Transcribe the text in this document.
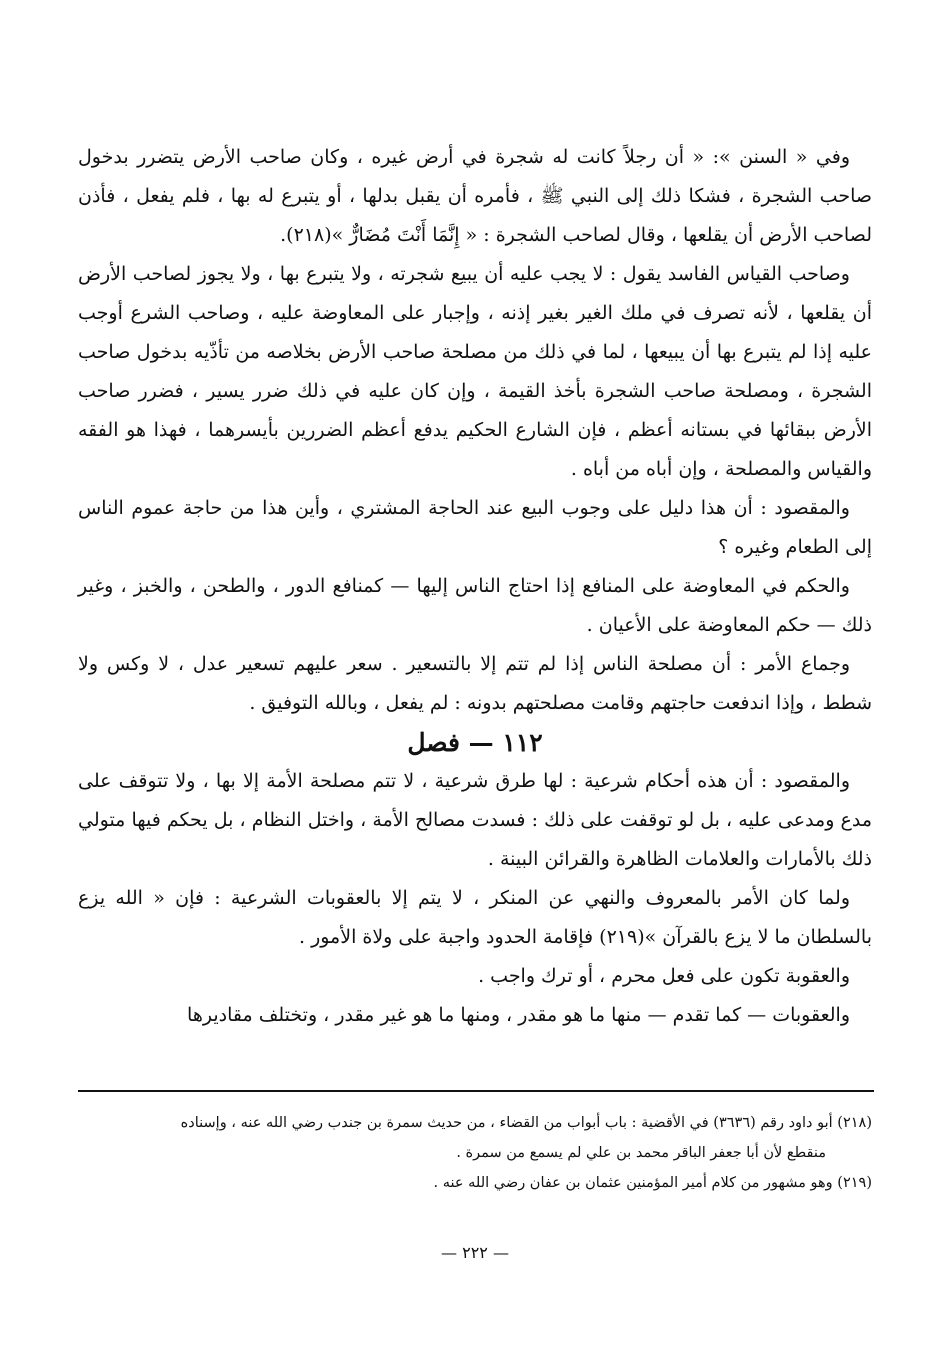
وفي « السنن »: « أن رجلاً كانت له شجرة في أرض غيره ، وكان صاحب الأرض يتضرر بدخول صاحب الشجرة ، فشكا ذلك إلى النبي ﷺ ، فأمره أن يقبل بدلها ، أو يتبرع له بها ، فلم يفعل ، فأذن لصاحب الأرض أن يقلعها ، وقال لصاحب الشجرة : « إِنَّمَا أَنْتَ مُضَارٌّ »(٢١٨).

وصاحب القياس الفاسد يقول : لا يجب عليه أن يبيع شجرته ، ولا يتبرع بها ، ولا يجوز لصاحب الأرض أن يقلعها ، لأنه تصرف في ملك الغير بغير إذنه ، وإجبار على المعاوضة عليه ، وصاحب الشرع أوجب عليه إذا لم يتبرع بها أن يبيعها ، لما في ذلك من مصلحة صاحب الأرض بخلاصه من تأذّيه بدخول صاحب الشجرة ، ومصلحة صاحب الشجرة بأخذ القيمة ، وإن كان عليه في ذلك ضرر يسير ، فضرر صاحب الأرض ببقائها في بستانه أعظم ، فإن الشارع الحكيم يدفع أعظم الضررين بأيسرهما ، فهذا هو الفقه والقياس والمصلحة ، وإن أباه من أباه .

والمقصود : أن هذا دليل على وجوب البيع عند الحاجة المشتري ، وأين هذا من حاجة عموم الناس إلى الطعام وغيره ؟

والحكم في المعاوضة على المنافع إذا احتاج الناس إليها — كمنافع الدور ، والطحن ، والخبز ، وغير ذلك — حكم المعاوضة على الأعيان .

وجماع الأمر : أن مصلحة الناس إذا لم تتم إلا بالتسعير . سعر عليهم تسعير عدل ، لا وكس ولا شطط ، وإذا اندفعت حاجتهم وقامت مصلحتهم بدونه : لم يفعل ، وبالله التوفيق .

١١٢ — فصل

والمقصود : أن هذه أحكام شرعية : لها طرق شرعية ، لا تتم مصلحة الأمة إلا بها ، ولا تتوقف على مدع ومدعى عليه ، بل لو توقفت على ذلك : فسدت مصالح الأمة ، واختل النظام ، بل يحكم فيها متولي ذلك بالأمارات والعلامات الظاهرة والقرائن البينة .

ولما كان الأمر بالمعروف والنهي عن المنكر ، لا يتم إلا بالعقوبات الشرعية : فإن « الله يزع بالسلطان ما لا يزع بالقرآن »(٢١٩) فإقامة الحدود واجبة على ولاة الأمور .

والعقوبة تكون على فعل محرم ، أو ترك واجب .

والعقوبات — كما تقدم — منها ما هو مقدر ، ومنها ما هو غير مقدر ، وتختلف مقاديرها

(٢١٨) أبو داود رقم (٣٦٣٦) في الأقضية : باب أبواب من القضاء ، من حديث سمرة بن جندب رضي الله عنه ، وإسناده

منقطع لأن أبا جعفر الباقر محمد بن علي لم يسمع من سمرة .

(٢١٩) وهو مشهور من كلام أمير المؤمنين عثمان بن عفان رضي الله عنه .

— ٢٢٢ —
